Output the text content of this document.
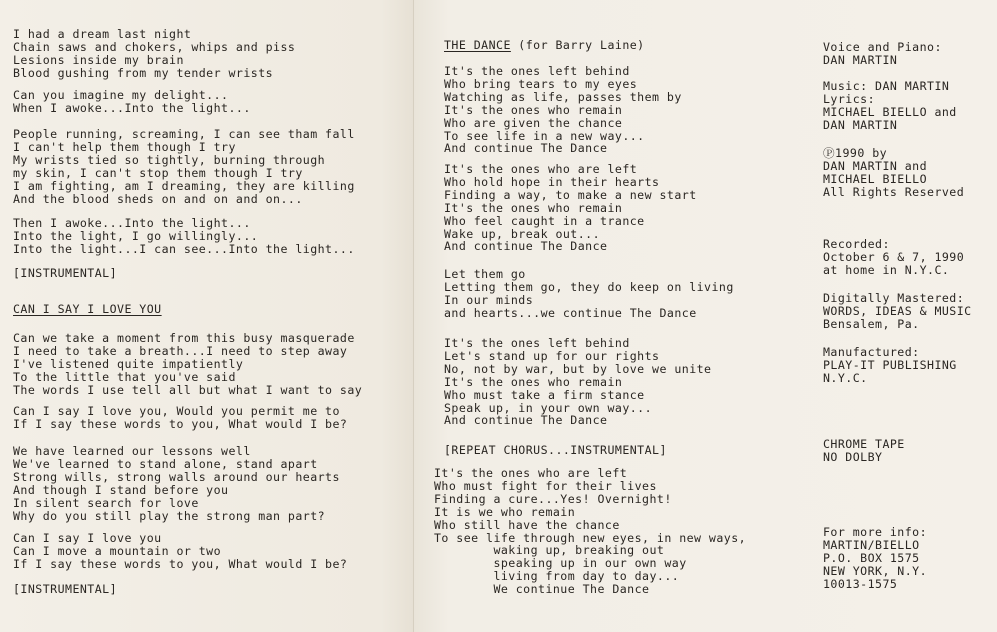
I had a dream last night
Chain saws and chokers, whips and piss
Lesions inside my brain
Blood gushing from my tender wrists
Can you imagine my delight...
When I awoke...Into the light...
People running, screaming, I can see tham fall
I can't help them though I try
My wrists tied so tightly, burning through
my skin, I can't stop them though I try
I am fighting, am I dreaming, they are killing
And the blood sheds on and on and on...
Then I awoke...Into the light...
Into the light, I go willingly...
Into the light...I can see...Into the light...
[INSTRUMENTAL]
CAN I SAY I LOVE YOU
Can we take a moment from this busy masquerade
I need to take a breath...I need to step away
I've listened quite impatiently
To the little that you've said
The words I use tell all but what I want to say
Can I say I love you, Would you permit me to
If I say these words to you, What would I be?
We have learned our lessons well
We've learned to stand alone, stand apart
Strong wills, strong walls around our hearts
And though I stand before you
In silent search for love
Why do you still play the strong man part?
Can I say I love you
Can I move a mountain or two
If I say these words to you, What would I be?
[INSTRUMENTAL]
THE DANCE (for Barry Laine)
It's the ones left behind
Who bring tears to my eyes
Watching as life, passes them by
It's the ones who remain
Who are given the chance
To see life in a new way...
And continue The Dance
It's the ones who are left
Who hold hope in their hearts
Finding a way, to make a new start
It's the ones who remain
Who feel caught in a trance
Wake up, break out...
And continue The Dance
Let them go
Letting them go, they do keep on living
In our minds
and hearts...we continue The Dance
It's the ones left behind
Let's stand up for our rights
No, not by war, but by love we unite
It's the ones who remain
Who must take a firm stance
Speak up, in your own way...
And continue The Dance
[REPEAT CHORUS...INSTRUMENTAL]
It's the ones who are left
Who must fight for their lives
Finding a cure...Yes! Overnight!
It is we who remain
Who still have the chance
To see life through new eyes, in new ways,
waking up, breaking out
speaking up in our own way
living from day to day...
We continue The Dance
Voice and Piano:
DAN MARTIN
Music: DAN MARTIN
Lyrics:
MICHAEL BIELLO and
DAN MARTIN
Ⓟ1990 by
DAN MARTIN and
MICHAEL BIELLO
All Rights Reserved
Recorded:
October 6 & 7, 1990
at home in N.Y.C.
Digitally Mastered:
WORDS, IDEAS & MUSIC
Bensalem, Pa.
Manufactured:
PLAY-IT PUBLISHING
N.Y.C.
CHROME TAPE
NO DOLBY
For more info:
MARTIN/BIELLO
P.O. BOX 1575
NEW YORK, N.Y.
10013-1575
